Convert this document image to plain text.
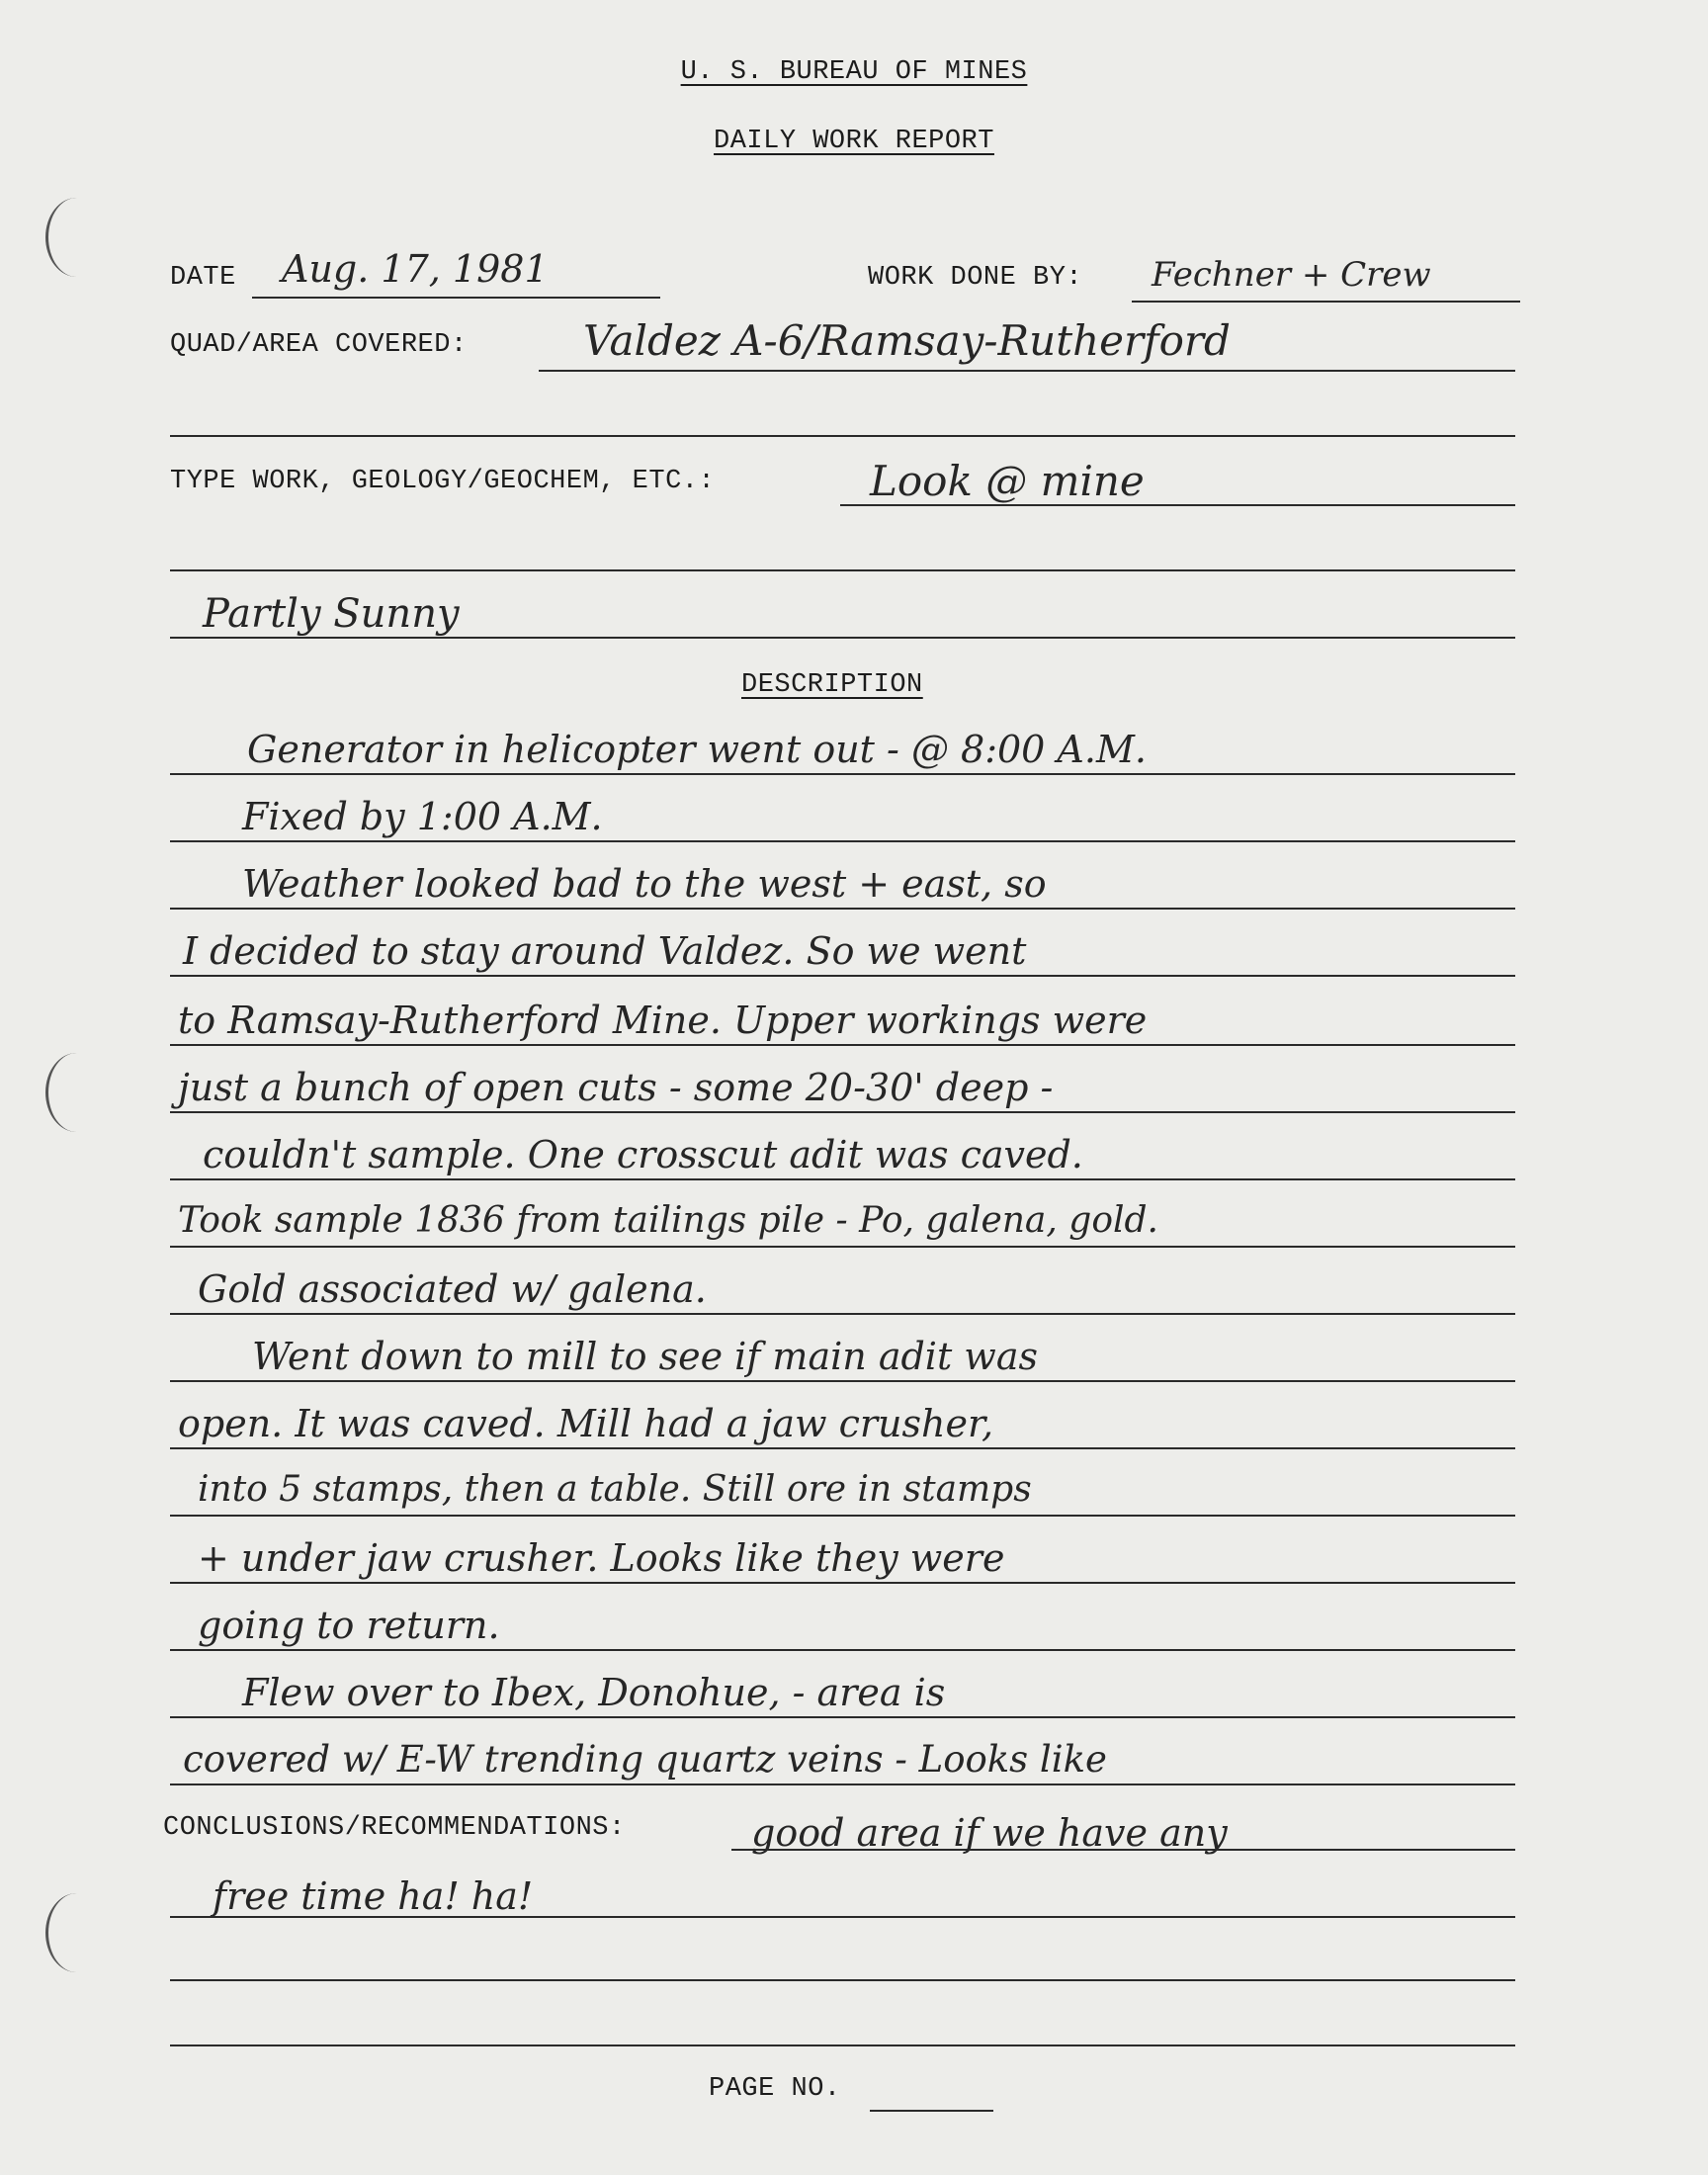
U. S. BUREAU OF MINES
DAILY WORK REPORT
DATE Aug. 17, 1981	WORK DONE BY: Fechner + Crew
QUAD/AREA COVERED:	Valdez A-6/Ramsay-Rutherford
TYPE WORK, GEOLOGY/GEOCHEM, ETC.:	Look @ mine
Partly Sunny
DESCRIPTION
Generator in helicopter went out - @ 8:00 A.M.
Fixed by 1:00 A.M.
Weather looked bad to the west + east, so
I decided to stay around Valdez. So we went
to Ramsay-Rutherford Mine. Upper workings were
just a bunch of open cuts - some 20-30' deep -
couldn't sample. One crosscut adit was caved.
Took sample 1836 from tailings pile - Po, galena, gold.
Gold associated w/ galena.
Went down to mill to see if main adit was
open. It was caved. Mill had a jaw crusher,
into 5 stamps, then a table. Still ore in stamps
+ under jaw crusher. Looks like they were
going to return.
Flew over to Ibex, Donohue, - area is
covered w/ E-W trending quartz veins - Looks like
CONCLUSIONS/RECOMMENDATIONS:	good area if we have any
free time ha! ha!
PAGE NO.
